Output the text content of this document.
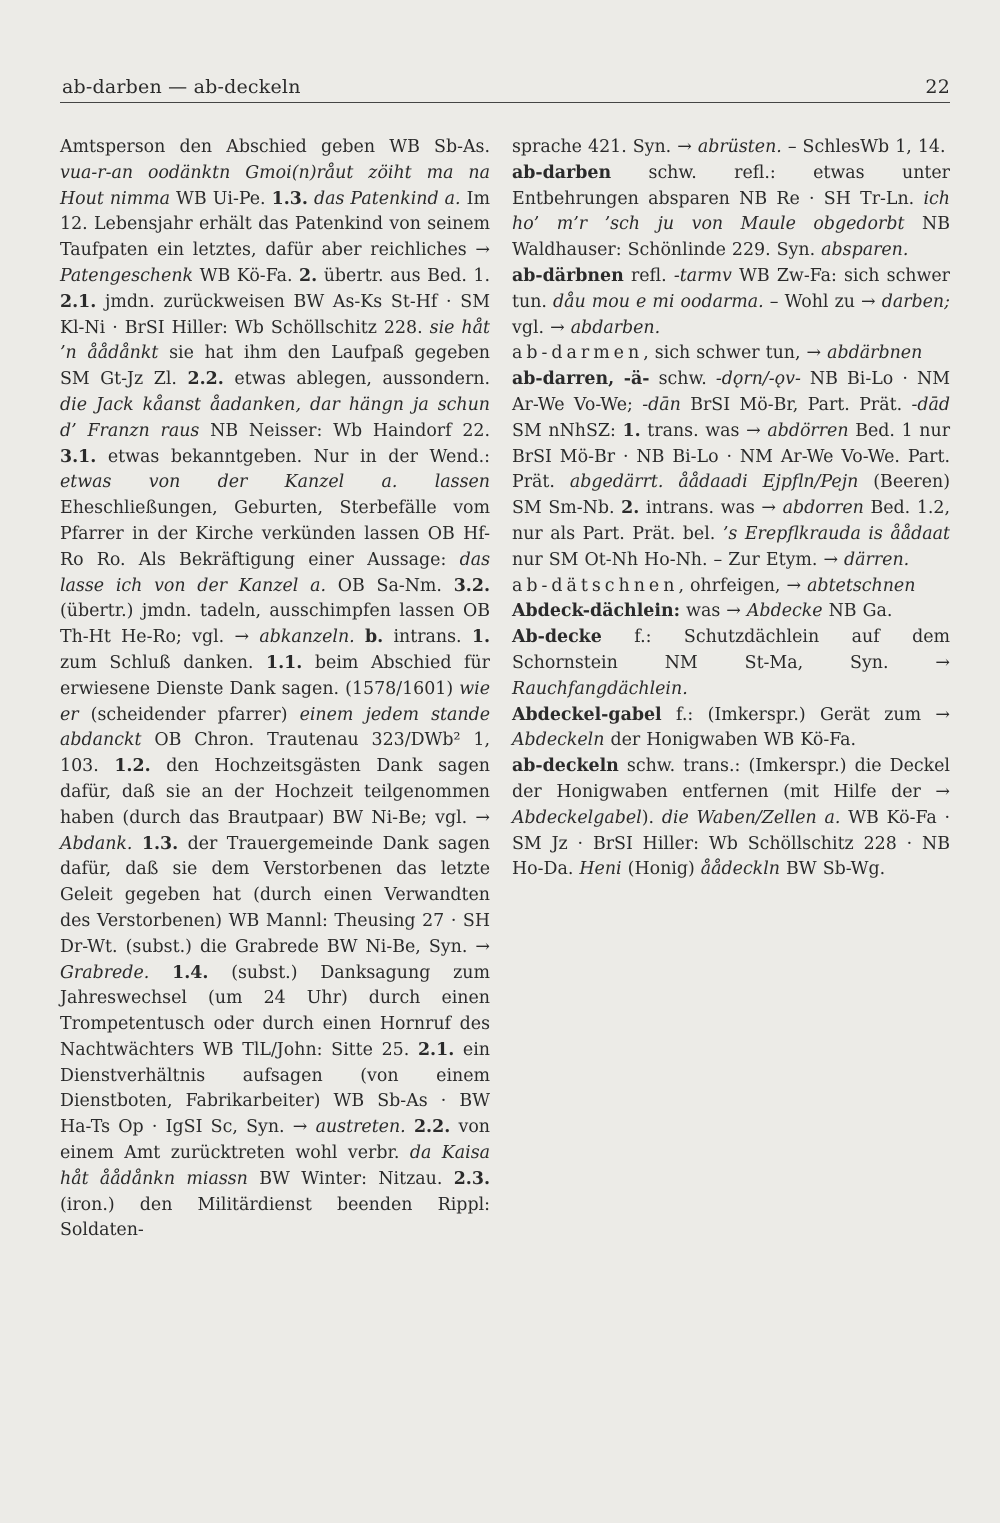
ab-darben — ab-deckeln	22

Amtsperson den Abschied geben WB Sb-As. vua-r-an oodänktn Gmoi(n)råut zöiht ma na Hout nimma WB Ui-Pe. 1.3. das Patenkind a. Im 12. Lebensjahr erhält das Patenkind von seinem Taufpaten ein letztes, dafür aber reichliches → Patengeschenk WB Kö-Fa. 2. übertr. aus Bed. 1. 2.1. jmdn. zurückweisen BW As-Ks St-Hf · SM Kl-Ni · BrSI Hiller: Wb Schöllschitz 228. sie håt ’n åådånkt sie hat ihm den Laufpaß gegeben SM Gt-Jz Zl. 2.2. etwas ablegen, aussondern. die Jack kåanst åadanken, dar hängn ja schun d’ Franzn raus NB Neisser: Wb Haindorf 22. 3.1. etwas bekanntgeben. Nur in der Wend.: etwas von der Kanzel a. lassen Eheschließungen, Geburten, Sterbefälle vom Pfarrer in der Kirche verkünden lassen OB Hf-Ro Ro. Als Bekräftigung einer Aussage: das lasse ich von der Kanzel a. OB Sa-Nm. 3.2. (übertr.) jmdn. tadeln, ausschimpfen lassen OB Th-Ht He-Ro; vgl. → abkanzeln. b. intrans. 1. zum Schluß danken. 1.1. beim Abschied für erwiesene Dienste Dank sagen. (1578/1601) wie er (scheidender pfarrer) einem jedem stande abdanckt OB Chron. Trautenau 323/DWb² 1, 103. 1.2. den Hochzeitsgästen Dank sagen dafür, daß sie an der Hochzeit teilgenommen haben (durch das Brautpaar) BW Ni-Be; vgl. → Abdank. 1.3. der Trauergemeinde Dank sagen dafür, daß sie dem Verstorbenen das letzte Geleit gegeben hat (durch einen Verwandten des Verstorbenen) WB Mannl: Theusing 27 · SH Dr-Wt. (subst.) die Grabrede BW Ni-Be, Syn. → Grabrede. 1.4. (subst.) Danksagung zum Jahreswechsel (um 24 Uhr) durch einen Trompetentusch oder durch einen Hornruf des Nachtwächters WB TlL/John: Sitte 25. 2.1. ein Dienstverhältnis aufsagen (von einem Dienstboten, Fabrikarbeiter) WB Sb-As · BW Ha-Ts Op · IgSI Sc, Syn. → austreten. 2.2. von einem Amt zurücktreten wohl verbr. da Kaisa håt åådånkn miassn BW Winter: Nitzau. 2.3. (iron.) den Militärdienst beenden Rippl: Soldaten-

sprache 421. Syn. → abrüsten. – SchlesWb 1, 14.

ab-darben schw. refl.: etwas unter Entbehrungen absparen NB Re · SH Tr-Ln. ich ho’ m’r ’sch ju von Maule obgedorbt NB Waldhauser: Schönlinde 229. Syn. absparen.

ab-därbnen refl. -tarmv WB Zw-Fa: sich schwer tun. dåu mou e mi oodarma. – Wohl zu → darben; vgl. → abdarben.

ab-darmen, sich schwer tun, → abdärbnen

ab-darren, -ä- schw. -dǫrn/-ǫv- NB Bi-Lo · NM Ar-We Vo-We; -dān BrSI Mö-Br, Part. Prät. -dād SM nNhSZ: 1. trans. was → abdörren Bed. 1 nur BrSI Mö-Br · NB Bi-Lo · NM Ar-We Vo-We. Part. Prät. abgedärrt. åådaadi Ejpfln/Pejn (Beeren) SM Sm-Nb. 2. intrans. was → abdorren Bed. 1.2, nur als Part. Prät. bel. ’s Erepflkrauda is åådaat nur SM Ot-Nh Ho-Nh. – Zur Etym. → därren.

ab-dätschnen, ohrfeigen, → abtetschnen

Abdeck-dächlein: was → Abdecke NB Ga.

Ab-decke f.: Schutzdächlein auf dem Schornstein NM St-Ma, Syn. → Rauchfangdächlein.

Abdeckel-gabel f.: (Imkerspr.) Gerät zum → Abdeckeln der Honigwaben WB Kö-Fa.

ab-deckeln schw. trans.: (Imkerspr.) die Deckel der Honigwaben entfernen (mit Hilfe der → Abdeckelgabel). die Waben/Zellen a. WB Kö-Fa · SM Jz · BrSI Hiller: Wb Schöllschitz 228 · NB Ho-Da. Heni (Honig) åådeckln BW Sb-Wg.
